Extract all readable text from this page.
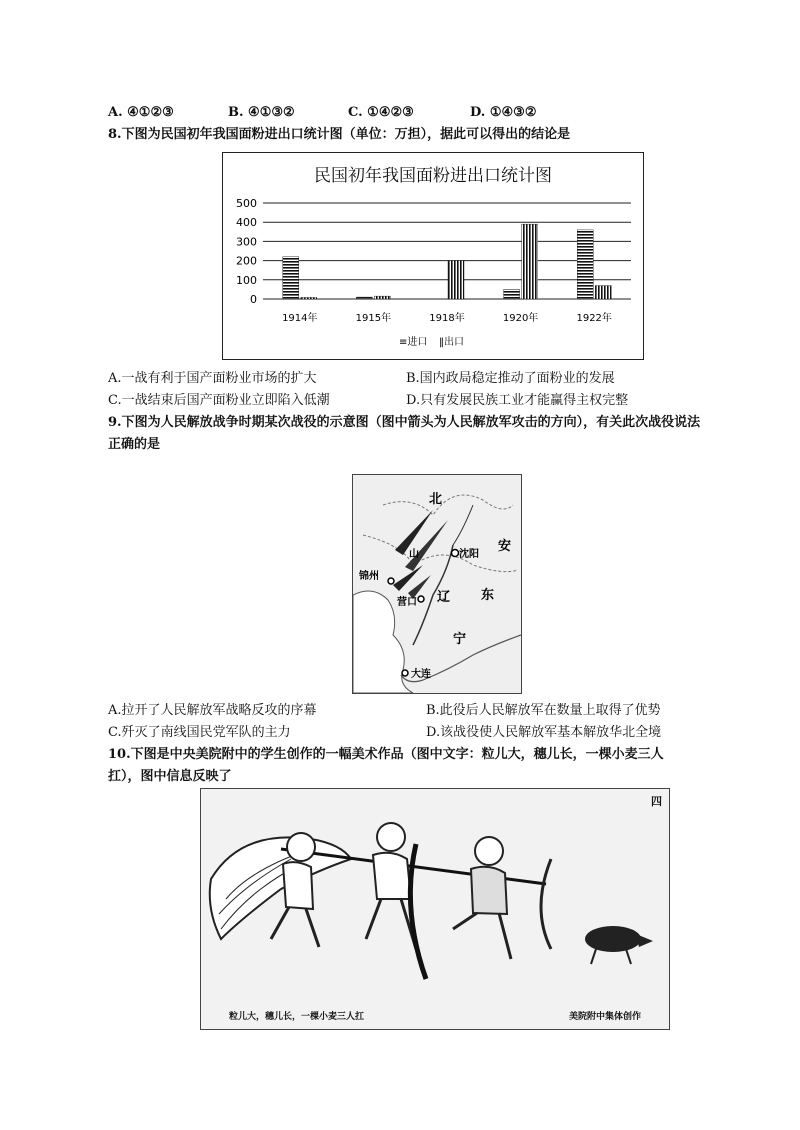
A. ④①②③	B. ④①③②	C. ①④②③	D. ①④③②
8.下图为民国初年我国面粉进出口统计图（单位：万担），据此可以得出的结论是
民国初年我国面粉进出口统计图
0
100
200
300
400
500
1914年	1915年	1918年	1920年	1922年
≡进口 ‖出口
A.一战有利于国产面粉业市场的扩大	B.国内政局稳定推动了面粉业的发展
C.一战结束后国产面粉业立即陷入低潮	D.只有发展民族工业才能赢得主权完整
9.下图为人民解放战争时期某次战役的示意图（图中箭头为人民解放军攻击的方向），有关此次战役说法
正确的是
北
安
沈阳
山
锦州
营口 辽 东
宁
大连
A.拉开了人民解放军战略反攻的序幕	B.此役后人民解放军在数量上取得了优势
C.歼灭了南线国民党军队的主力	D.该战役使人民解放军基本解放华北全境
10.下图是中央美院附中的学生创作的一幅美术作品（图中文字：粒儿大，穗儿长，一棵小麦三人
扛），图中信息反映了
粒儿大，穗儿长，一棵小麦三人扛	美院附中集体创作
四
